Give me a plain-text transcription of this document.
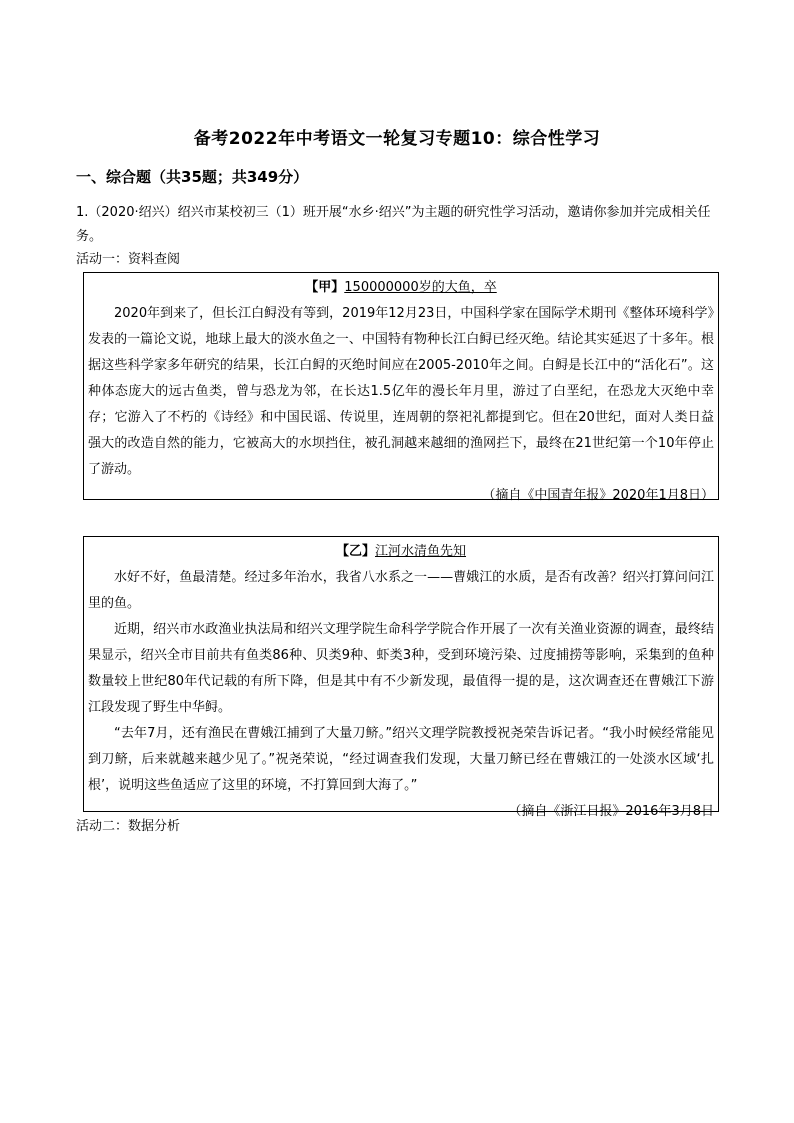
备考2022年中考语文一轮复习专题10：综合性学习
一、综合题（共35题；共349分）
1.（2020·绍兴）绍兴市某校初三（1）班开展“水乡·绍兴”为主题的研究性学习活动，邀请你参加并完成相关任务。
活动一：资料查阅
【甲】150000000岁的大鱼，卒

2020年到来了，但长江白鲟没有等到，2019年12月23日，中国科学家在国际学术期刊《整体环境科学》发表的一篇论文说，地球上最大的淡水鱼之一、中国特有物种长江白鲟已经灭绝。结论其实延迟了十多年。根据这些科学家多年研究的结果，长江白鲟的灭绝时间应在2005-2010年之间。白鲟是长江中的“活化石”。这种体态庞大的远古鱼类，曾与恐龙为邻，在长达1.5亿年的漫长年月里，游过了白垩纪，在恐龙大灭绝中幸存；它游入了不朽的《诗经》和中国民谣、传说里，连周朝的祭祀礼都提到它。但在20世纪，面对人类日益强大的改造自然的能力，它被高大的水坝挡住，被孔洞越来越细的渔网拦下，最终在21世纪第一个10年停止了游动。

（摘自《中国青年报》2020年1月8日）
【乙】江河水清鱼先知

水好不好，鱼最清楚。经过多年治水，我省八水系之一——曹娥江的水质，是否有改善？绍兴打算问问江里的鱼。

近期，绍兴市水政渔业执法局和绍兴文理学院生命科学学院合作开展了一次有关渔业资源的调查，最终结果显示，绍兴全市目前共有鱼类86种、贝类9种、虾类3种，受到环境污染、过度捕捞等影响，采集到的鱼种数量较上世纪80年代记载的有所下降，但是其中有不少新发现，最值得一提的是，这次调查还在曹娥江下游江段发现了野生中华鲟。

“去年7月，还有渔民在曹娥江捕到了大量刀鲚。”绍兴文理学院教授祝尧荣告诉记者。“我小时候经常能见到刀鲚，后来就越来越少见了。”祝尧荣说，“经过调查我们发现，大量刀鲚已经在曹娥江的一处淡水区域‘扎根’，说明这些鱼适应了这里的环境，不打算回到大海了。”

（摘自《浙江日报》2016年3月8日
活动二：数据分析
